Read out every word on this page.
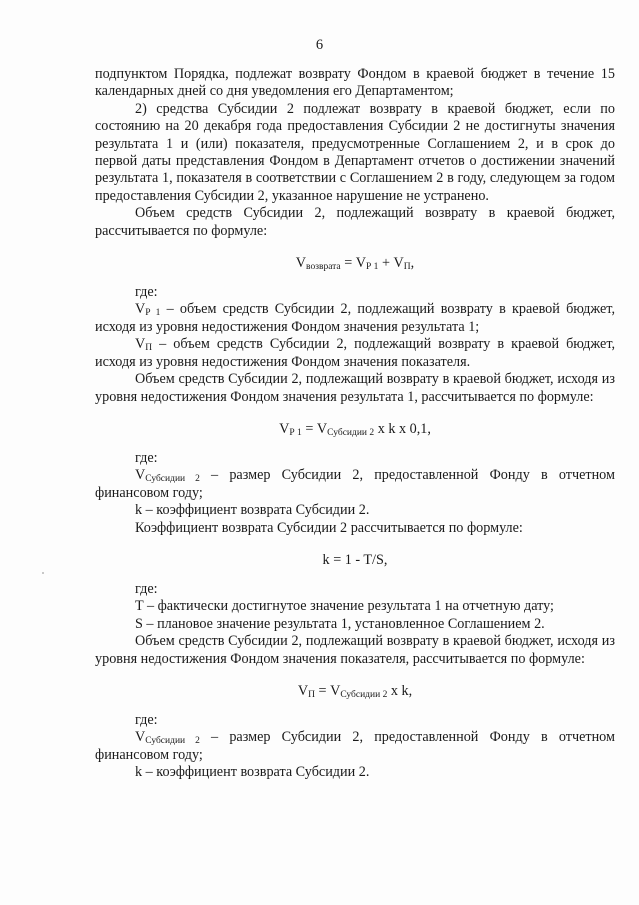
6

подпунктом Порядка, подлежат возврату Фондом в краевой бюджет в течение 15 календарных дней со дня уведомления его Департаментом;

2) средства Субсидии 2 подлежат возврату в краевой бюджет, если по состоянию на 20 декабря года предоставления Субсидии 2 не достигнуты значения результата 1 и (или) показателя, предусмотренные Соглашением 2, и в срок до первой даты представления Фондом в Департамент отчетов о достижении значений результата 1, показателя в соответствии с Соглашением 2 в году, следующем за годом предоставления Субсидии 2, указанное нарушение не устранено.

Объем средств Субсидии 2, подлежащий возврату в краевой бюджет, рассчитывается по формуле:

$V_{возврата} = V_{Р 1} + V_П$,

где:

$V_{Р 1}$ – объем средств Субсидии 2, подлежащий возврату в краевой бюджет, исходя из уровня недостижения Фондом значения результата 1;

$V_П$ – объем средств Субсидии 2, подлежащий возврату в краевой бюджет, исходя из уровня недостижения Фондом значения показателя.

Объем средств Субсидии 2, подлежащий возврату в краевой бюджет, исходя из уровня недостижения Фондом значения результата 1, рассчитывается по формуле:

$V_{Р 1} = V_{Субсидии 2}$ x k x 0,1,

где:

$V_{Субсидии 2}$ – размер Субсидии 2, предоставленной Фонду в отчетном финансовом году;

k – коэффициент возврата Субсидии 2.

Коэффициент возврата Субсидии 2 рассчитывается по формуле:

k = 1 - T/S,

где:

T – фактически достигнутое значение результата 1 на отчетную дату;

S – плановое значение результата 1, установленное Соглашением 2.

Объем средств Субсидии 2, подлежащий возврату в краевой бюджет, исходя из уровня недостижения Фондом значения показателя, рассчитывается по формуле:

$V_П = V_{Субсидии 2}$ x k,

где:

$V_{Субсидии 2}$ – размер Субсидии 2, предоставленной Фонду в отчетном финансовом году;

k – коэффициент возврата Субсидии 2.
